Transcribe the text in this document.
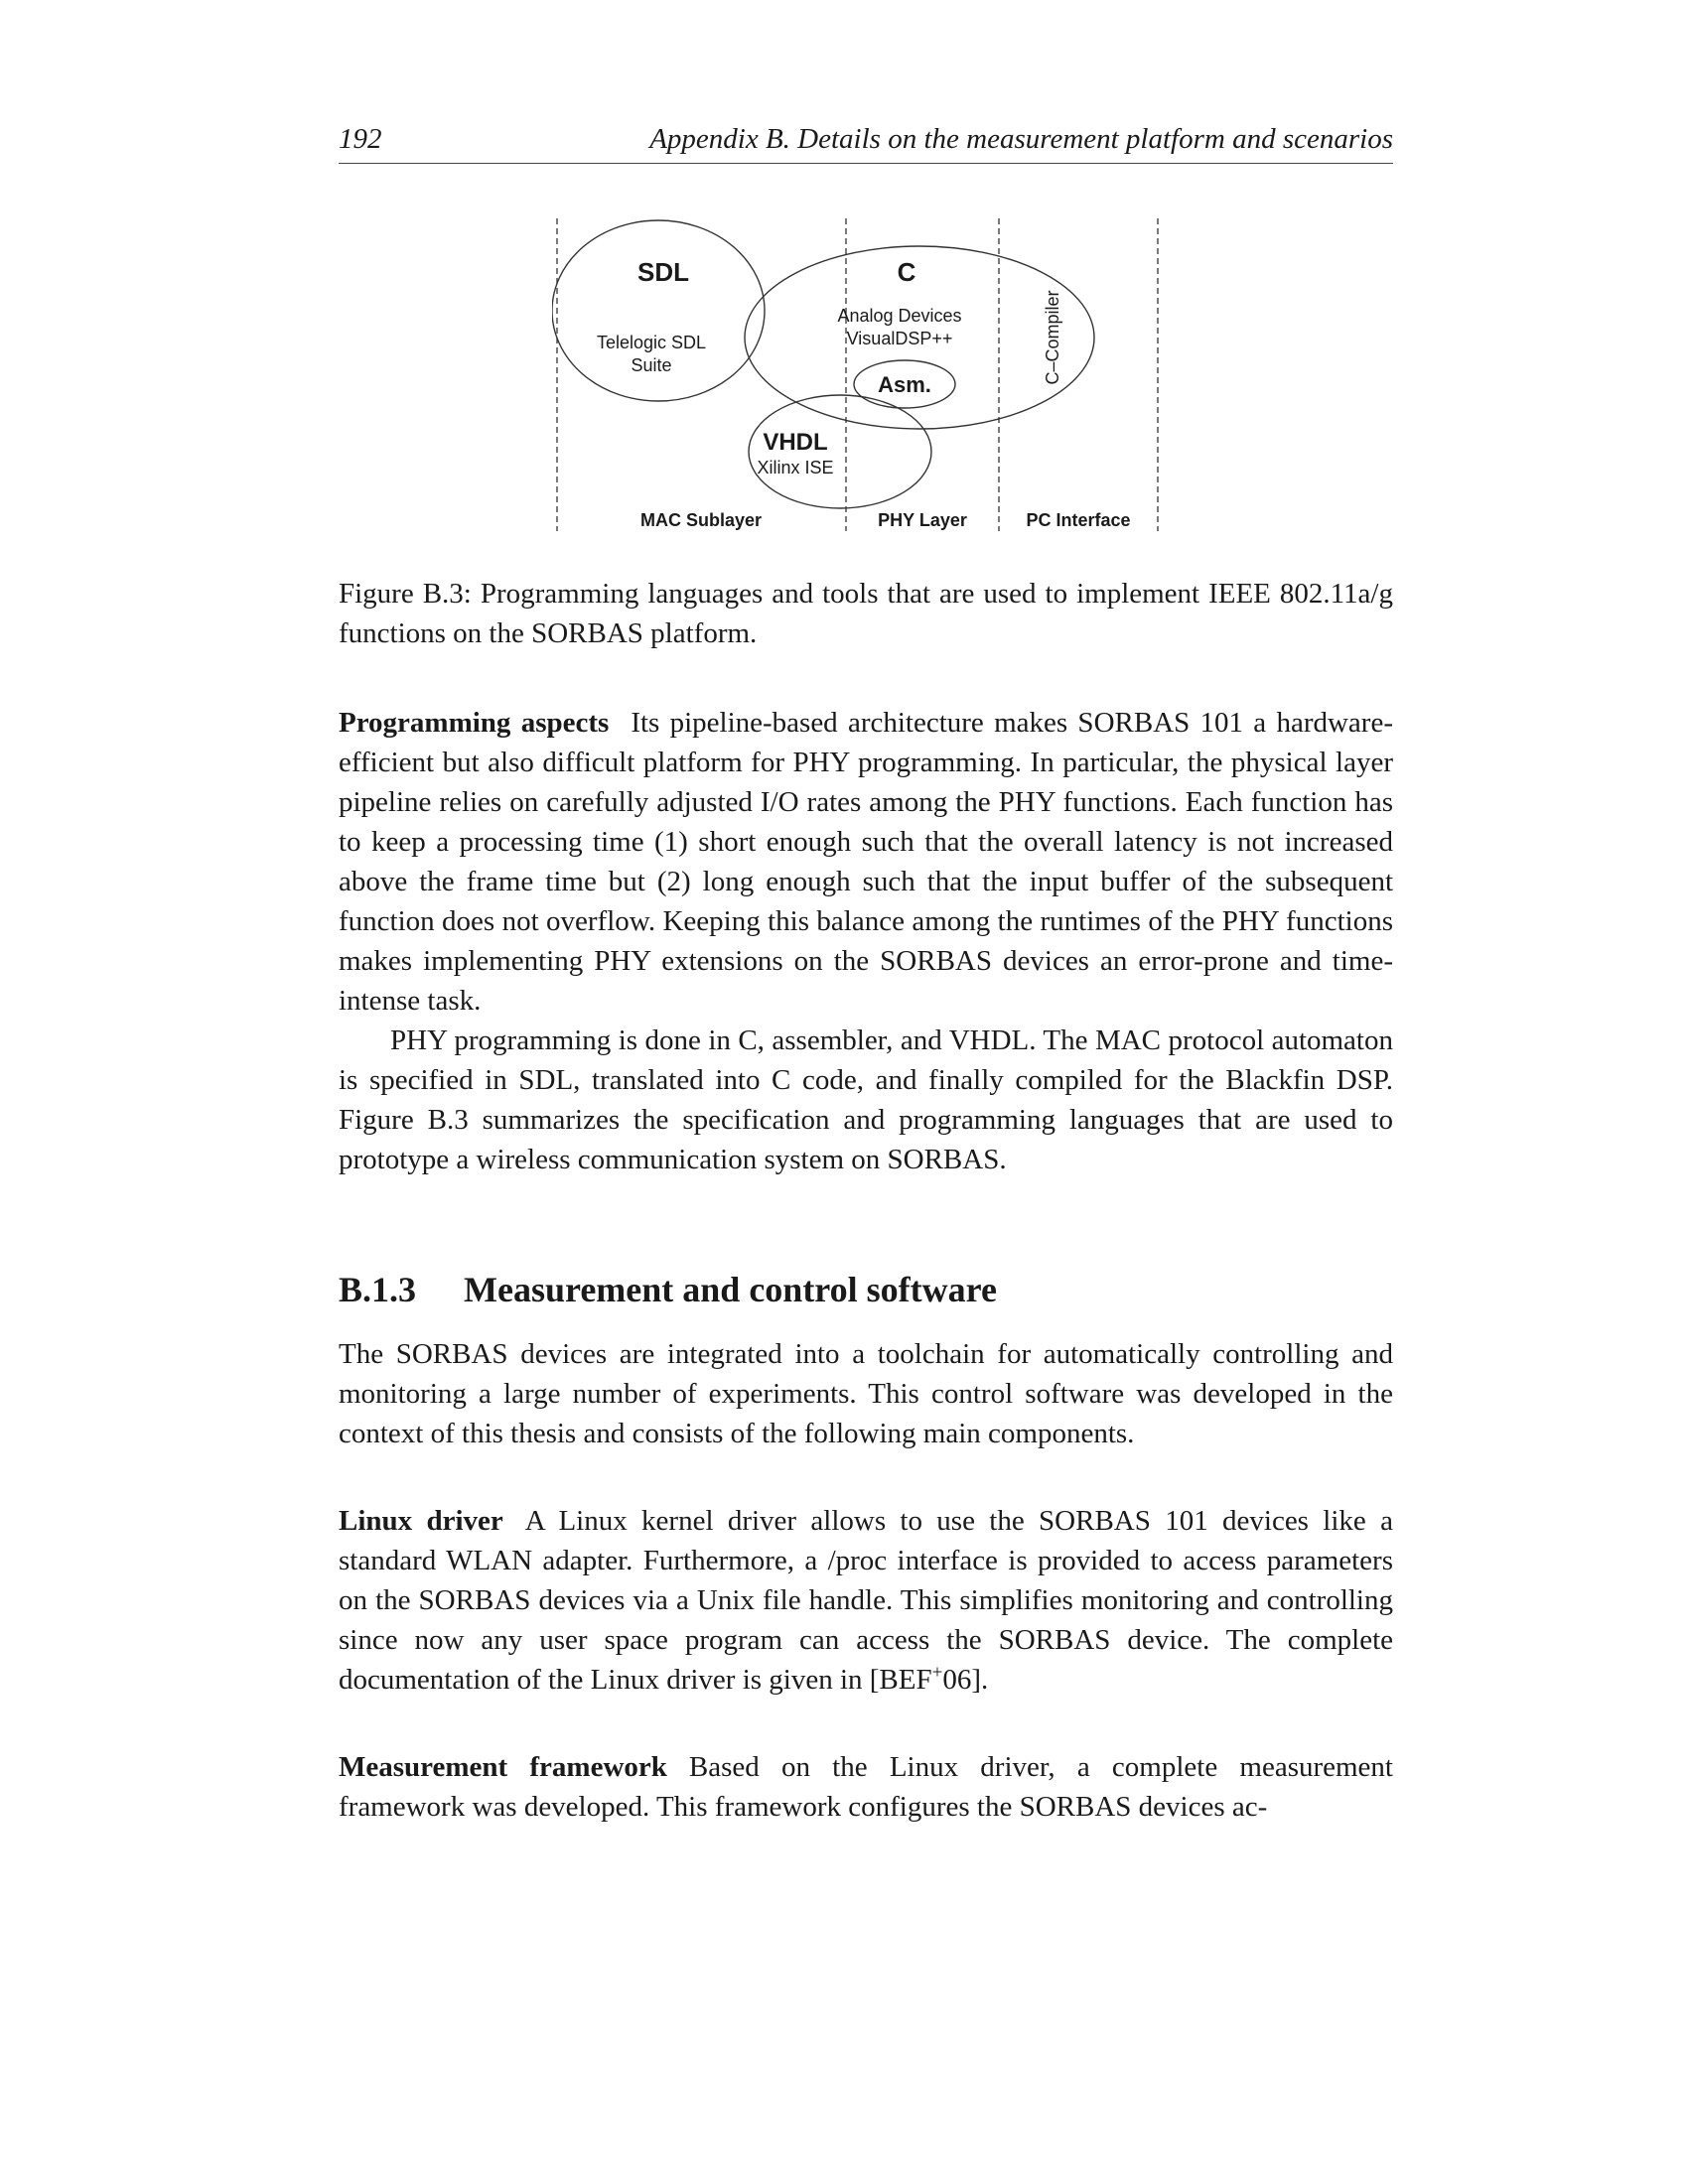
192	Appendix B. Details on the measurement platform and scenarios
SDL
Telelogic SDL
Suite
C
Analog Devices
VisualDSP++
Asm.
VHDL
Xilinx ISE
C–Compiler
MAC Sublayer	PHY Layer	PC Interface
Figure B.3: Programming languages and tools that are used to implement IEEE 802.11a/g functions on the SORBAS platform.

Programming aspects Its pipeline-based architecture makes SORBAS 101 a hardware-efficient but also difficult platform for PHY programming. In particular, the physical layer pipeline relies on carefully adjusted I/O rates among the PHY functions. Each function has to keep a processing time (1) short enough such that the overall latency is not increased above the frame time but (2) long enough such that the input buffer of the subsequent function does not overflow. Keeping this balance among the runtimes of the PHY functions makes implementing PHY extensions on the SORBAS devices an error-prone and time-intense task.

PHY programming is done in C, assembler, and VHDL. The MAC protocol automaton is specified in SDL, translated into C code, and finally compiled for the Blackfin DSP. Figure B.3 summarizes the specification and programming languages that are used to prototype a wireless communication system on SORBAS.

B.1.3 Measurement and control software

The SORBAS devices are integrated into a toolchain for automatically controlling and monitoring a large number of experiments. This control software was developed in the context of this thesis and consists of the following main components.

Linux driver A Linux kernel driver allows to use the SORBAS 101 devices like a standard WLAN adapter. Furthermore, a /proc interface is provided to access parameters on the SORBAS devices via a Unix file handle. This simplifies monitoring and controlling since now any user space program can access the SORBAS device. The complete documentation of the Linux driver is given in [BEF+06].

Measurement framework Based on the Linux driver, a complete measurement framework was developed. This framework configures the SORBAS devices ac-
